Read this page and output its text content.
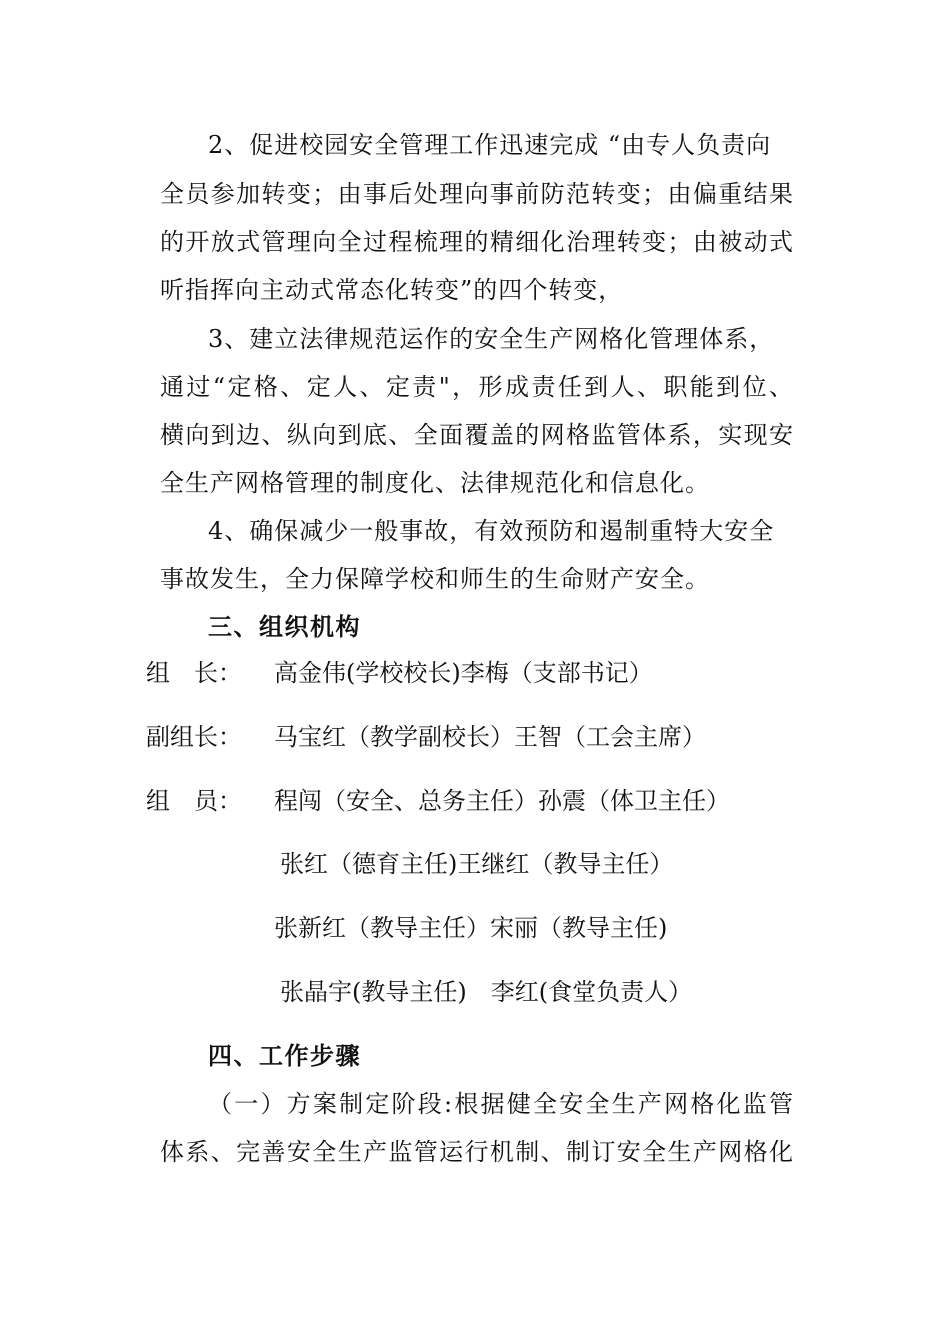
2、促进校园安全管理工作迅速完成 “由专人负责向
全员参加转变；由事后处理向事前防范转变；由偏重结果
的开放式管理向全过程梳理的精细化治理转变；由被动式
听指挥向主动式常态化转变”的四个转变，
3、建立法律规范运作的安全生产网格化管理体系，
通过“定格、定人、定责"，形成责任到人、职能到位、
横向到边、纵向到底、全面覆盖的网格监管体系，实现安
全生产网格管理的制度化、法律规范化和信息化。
4、确保减少一般事故，有效预防和遏制重特大安全
事故发生，全力保障学校和师生的生命财产安全。
三、组织机构
组　长： 高金伟(学校校长)李梅（支部书记）
副组长： 马宝红（教学副校长）王智（工会主席）
组　员： 程闯（安全、总务主任）孙震（体卫主任）
张红（德育主任)王继红（教导主任）
张新红（教导主任）宋丽（教导主任)
张晶宇(教导主任)　李红(食堂负责人）
四、工作步骤
（一）方案制定阶段:根据健全安全生产网格化监管
体系、完善安全生产监管运行机制、制订安全生产网格化
